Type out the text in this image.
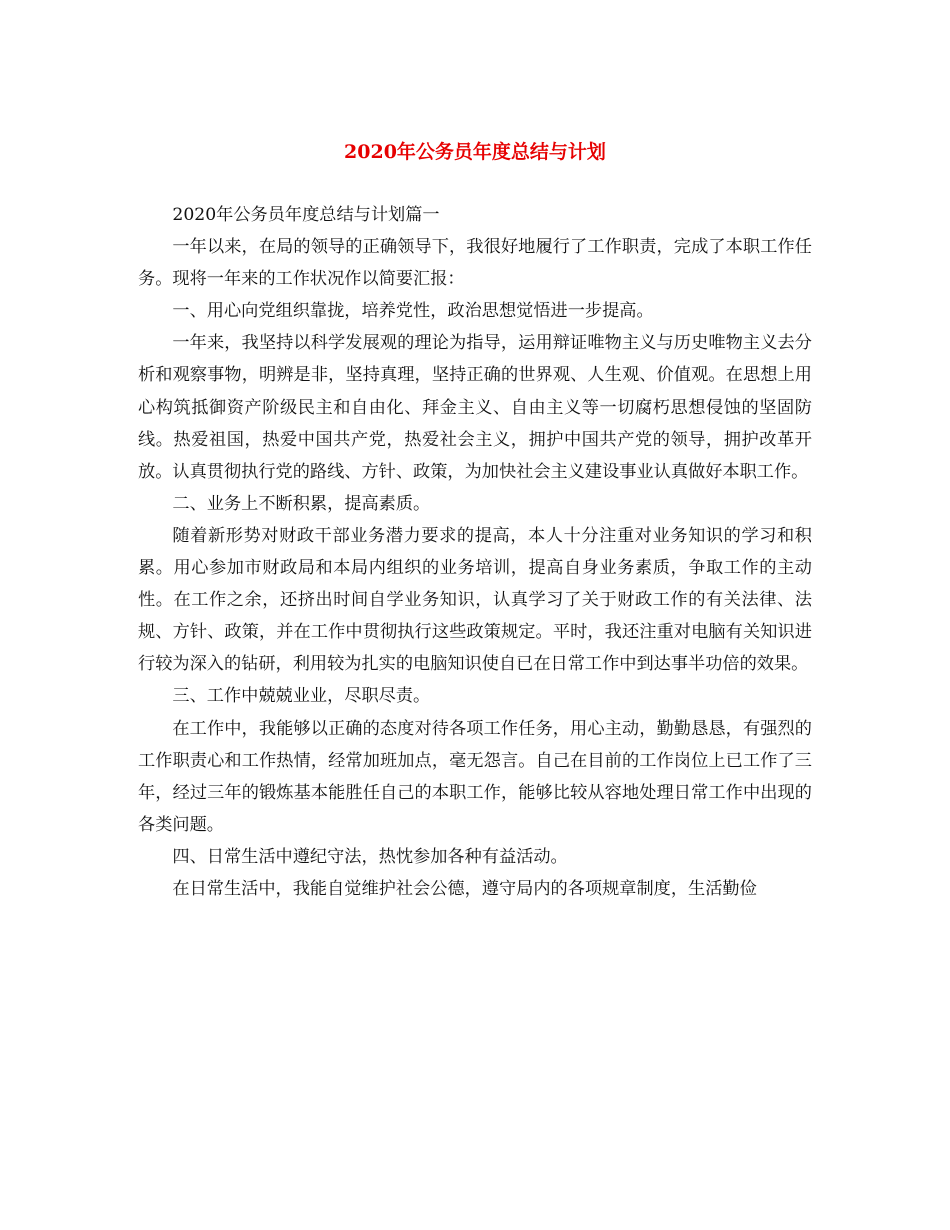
2020年公务员年度总结与计划

2020年公务员年度总结与计划篇一

一年以来，在局的领导的正确领导下，我很好地履行了工作职责，完成了本职工作任务。现将一年来的工作状况作以简要汇报：

一、用心向党组织靠拢，培养党性，政治思想觉悟进一步提高。

一年来，我坚持以科学发展观的理论为指导，运用辩证唯物主义与历史唯物主义去分析和观察事物，明辨是非，坚持真理，坚持正确的世界观、人生观、价值观。在思想上用心构筑抵御资产阶级民主和自由化、拜金主义、自由主义等一切腐朽思想侵蚀的坚固防线。热爱祖国，热爱中国共产党，热爱社会主义，拥护中国共产党的领导，拥护改革开放。认真贯彻执行党的路线、方针、政策，为加快社会主义建设事业认真做好本职工作。

二、业务上不断积累，提高素质。

随着新形势对财政干部业务潜力要求的提高，本人十分注重对业务知识的学习和积累。用心参加市财政局和本局内组织的业务培训，提高自身业务素质，争取工作的主动性。在工作之余，还挤出时间自学业务知识，认真学习了关于财政工作的有关法律、法规、方针、政策，并在工作中贯彻执行这些政策规定。平时，我还注重对电脑有关知识进行较为深入的钻研，利用较为扎实的电脑知识使自已在日常工作中到达事半功倍的效果。

三、工作中兢兢业业，尽职尽责。

在工作中，我能够以正确的态度对待各项工作任务，用心主动，勤勤恳恳，有强烈的工作职责心和工作热情，经常加班加点，毫无怨言。自己在目前的工作岗位上已工作了三年，经过三年的锻炼基本能胜任自己的本职工作，能够比较从容地处理日常工作中出现的各类问题。

四、日常生活中遵纪守法，热忱参加各种有益活动。

在日常生活中，我能自觉维护社会公德，遵守局内的各项规章制度，生活勤俭
